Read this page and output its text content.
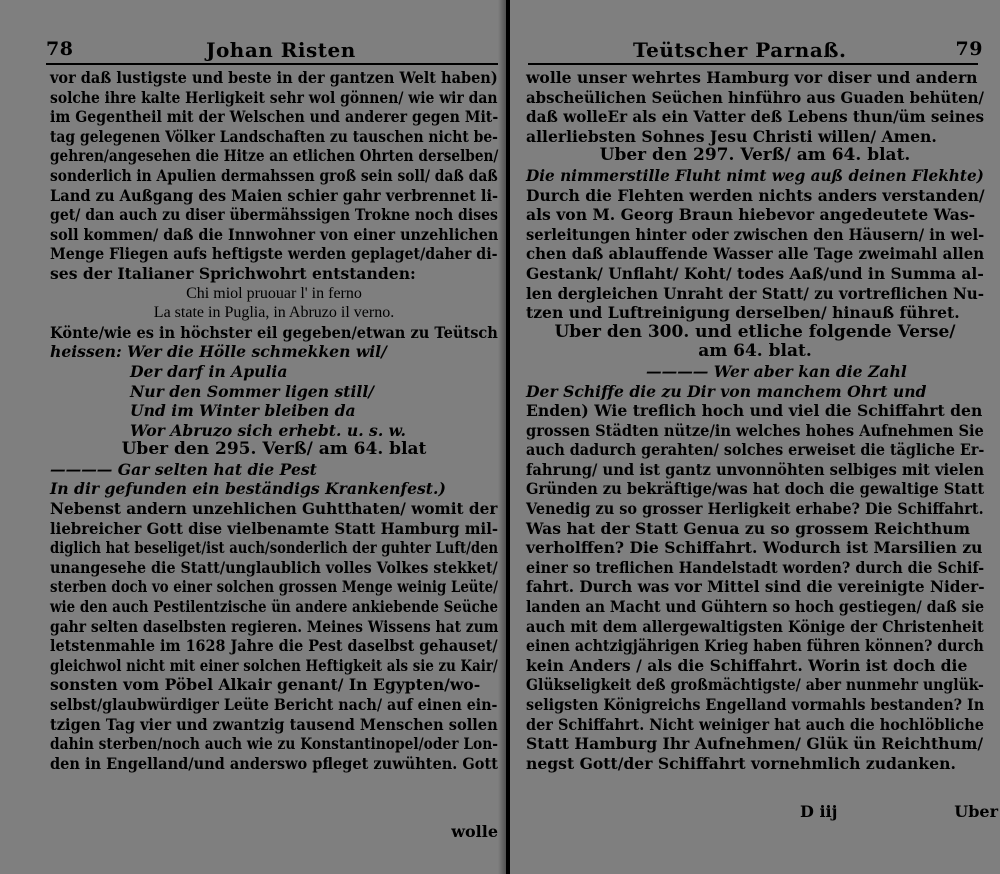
78	Johan Risten
vor daß lustigste und beste in der gantzen Welt haben)
solche ihre kalte Herligkeit sehr wol gönnen/ wie wir dan
im Gegentheil mit der Welschen und anderer gegen Mit-
tag gelegenen Völker Landschaften zu tauschen nicht be-
gehren/angesehen die Hitze an etlichen Ohrten derselben/
sonderlich in Apulien dermahssen groß sein soll/ daß daß
Land zu Außgang des Maien schier gahr verbrennet li-
get/ dan auch zu diser übermähssigen Trokne noch dises
soll kommen/ daß die Innwohner von einer unzehlichen
Menge Fliegen aufs heftigste werden geplaget/daher di-
ses der Italianer Sprichwohrt entstanden:
Chi miol pruouar l' in ferno
La state in Puglia, in Abruzo il verno.
Könte/wie es in höchster eil gegeben/etwan zu Teütsch
heissen: Wer die Hölle schmekken wil/
Der darf in Apulia
Nur den Sommer ligen still/
Und im Winter bleiben da
Wor Abruzo sich erhebt. u. s. w.
Uber den 295. Verß/ am 64. blat
———— Gar selten hat die Pest
In dir gefunden ein beständigs Krankenfest.)
Nebenst andern unzehlichen Guhtthaten/ womit der
liebreicher Gott dise vielbenamte Statt Hamburg mil-
diglich hat beseliget/ist auch/sonderlich der guhter Luft/den
unangesehe die Statt/unglaublich volles Volkes stekket/
sterben doch vo einer solchen grossen Menge weinig Leüte/
wie den auch Pestilentzische ün andere ankiebende Seüche
gahr selten daselbsten regieren. Meines Wissens hat zum
letstenmahle im 1628 Jahre die Pest daselbst gehauset/
gleichwol nicht mit einer solchen Heftigkeit als sie zu Kair/
sonsten vom Pöbel Alkair genant/ In Egypten/wo-
selbst/glaubwürdiger Leüte Bericht nach/ auf einen ein-
tzigen Tag vier und zwantzig tausend Menschen sollen
dahin sterben/noch auch wie zu Konstantinopel/oder Lon-
den in Engelland/und anderswo pfleget zuwühten. Gott
wolle
Teütscher Parnaß.	79
wolle unser wehrtes Hamburg vor diser und andern
abscheülichen Seüchen hinführo aus Guaden behüten/
daß wolleEr als ein Vatter deß Lebens thun/üm seines
allerliebsten Sohnes Jesu Christi willen/ Amen.
Uber den 297. Verß/ am 64. blat.
Die nimmerstille Fluht nimt weg auß deinen Flekhte)
Durch die Flehten werden nichts anders verstanden/
als von M. Georg Braun hiebevor angedeutete Was-
serleitungen hinter oder zwischen den Häusern/ in wel-
chen daß ablauffende Wasser alle Tage zweimahl allen
Gestank/ Unflaht/ Koht/ todes Aaß/und in Summa al-
len dergleichen Unraht der Statt/ zu vortreflichen Nu-
tzen und Luftreinigung derselben/ hinauß führet.
Uber den 300. und etliche folgende Verse/
am 64. blat.
———— Wer aber kan die Zahl
Der Schiffe die zu Dir von manchem Ohrt und
Enden) Wie treflich hoch und viel die Schiffahrt den
grossen Städten nütze/in welches hohes Aufnehmen Sie
auch dadurch gerahten/ solches erweiset die tägliche Er-
fahrung/ und ist gantz unvonnöhten selbiges mit vielen
Gründen zu bekräftige/was hat doch die gewaltige Statt
Venedig zu so grosser Herligkeit erhabe? Die Schiffahrt.
Was hat der Statt Genua zu so grossem Reichthum
verholffen? Die Schiffahrt. Wodurch ist Marsilien zu
einer so treflichen Handelstadt worden? durch die Schif-
fahrt. Durch was vor Mittel sind die vereinigte Nider-
landen an Macht und Gühtern so hoch gestiegen/ daß sie
auch mit dem allergewaltigsten Könige der Christenheit
einen achtzigjährigen Krieg haben führen können? durch
kein Anders / als die Schiffahrt. Worin ist doch die
Glükseligkeit deß großmächtigste/ aber nunmehr unglük-
seligsten Königreichs Engelland vormahls bestanden? In
der Schiffahrt. Nicht weiniger hat auch die hochlöbliche
Statt Hamburg Ihr Aufnehmen/ Glük ün Reichthum/
negst Gott/der Schiffahrt vornehmlich zudanken.
D iij	Uber
